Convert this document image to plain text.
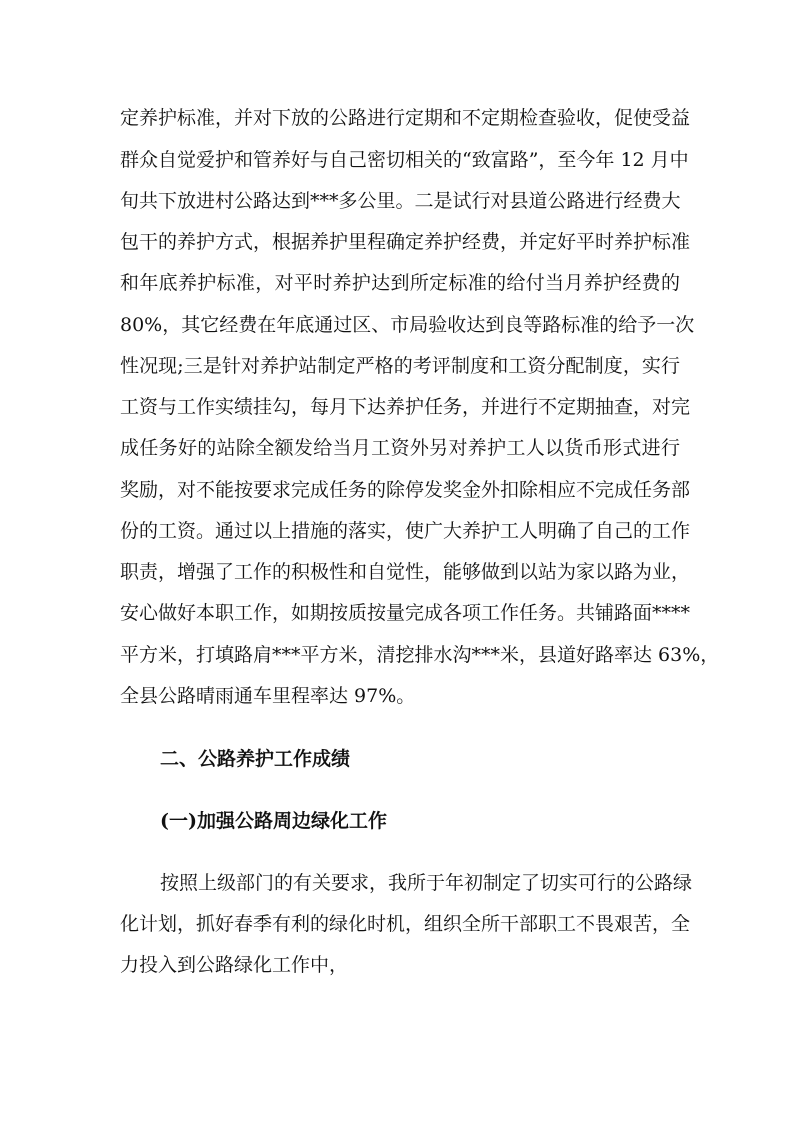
定养护标准，并对下放的公路进行定期和不定期检查验收，促使受益
群众自觉爱护和管养好与自己密切相关的“致富路”，至今年 12 月中
旬共下放进村公路达到***多公里。二是试行对县道公路进行经费大
包干的养护方式，根据养护里程确定养护经费，并定好平时养护标准
和年底养护标准，对平时养护达到所定标准的给付当月养护经费的
80%，其它经费在年底通过区、市局验收达到良等路标准的给予一次
性况现;三是针对养护站制定严格的考评制度和工资分配制度，实行
工资与工作实绩挂勾，每月下达养护任务，并进行不定期抽查，对完
成任务好的站除全额发给当月工资外另对养护工人以货币形式进行
奖励，对不能按要求完成任务的除停发奖金外扣除相应不完成任务部
份的工资。通过以上措施的落实，使广大养护工人明确了自己的工作
职责，增强了工作的积极性和自觉性，能够做到以站为家以路为业，
安心做好本职工作，如期按质按量完成各项工作任务。共铺路面****
平方米，打填路肩***平方米，清挖排水沟***米，县道好路率达 63%，
全县公路晴雨通车里程率达 97%。
二、公路养护工作成绩
(一)加强公路周边绿化工作
按照上级部门的有关要求，我所于年初制定了切实可行的公路绿
化计划，抓好春季有利的绿化时机，组织全所干部职工不畏艰苦，全
力投入到公路绿化工作中，
